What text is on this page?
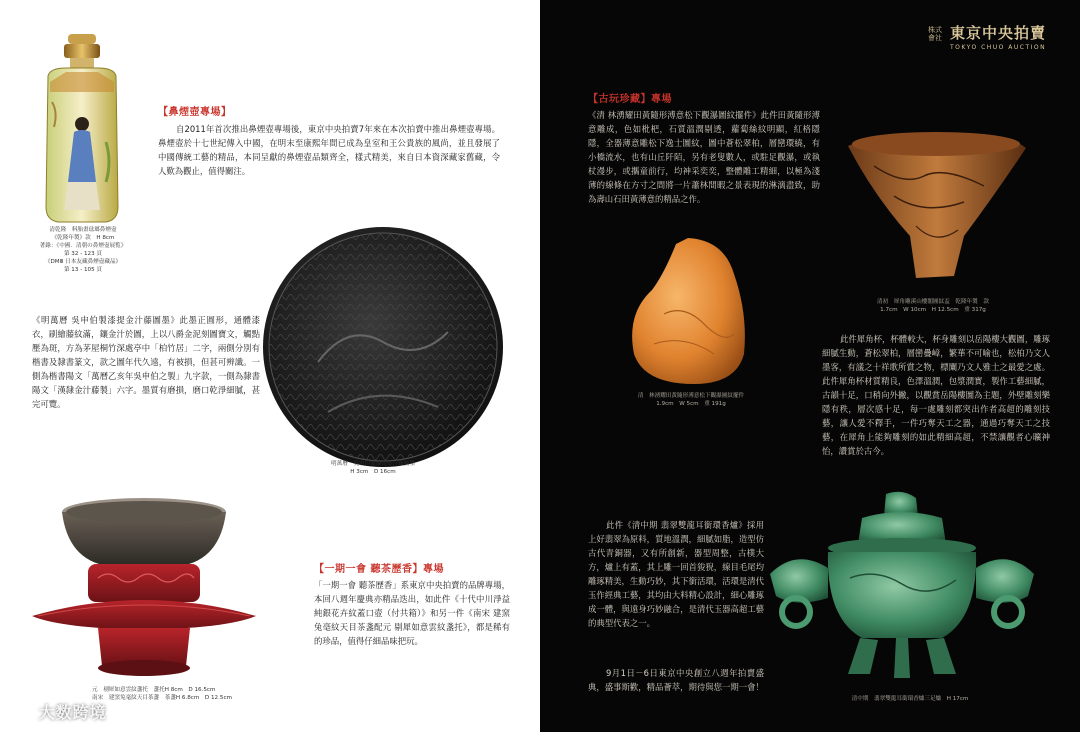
清乾隆　料胎畫琺瑯鼻煙壺
《乾隆年製》款　H 8cm
著錄：《中國．清朝の鼻煙壺展覧》
第 32 - 123 頁
《ⅮⅯⅢ 日本友藏鼻煙壺藏品》
第 13 - 105 頁
【鼻煙壺專場】
自2011年首次推出鼻煙壺專場後，東京中央拍賣7年來在本次拍賣中推出鼻煙壺專場。鼻煙壺於十七世紀傳入中國，在明末至康熙年間已成為皇室和王公貴族的風尚，並且發展了中國傳統工藝的精品，本同呈獻的鼻煙壺品類齊全，樣式精美，來自日本資深藏家舊藏，令人歎為觀止，值得關注。
明萬曆　吳申伯製漆提金汁藤圖墨
H 3cm　D 16cm
《明萬曆 吳申伯製漆提金汁藤圖墨》此墨正圓形，通體漆衣，刷繪藤紋滿，鑲金汁於圖，上以八爵金泥刻圖寶文，觸點壓為斑，方為茅屋桐竹深處亭中「柏竹居」二字，兩側分別有楷書及隸書篆文，款之圖年代久遠，有被損，但甚可辨識。一側為楷書陽文「萬曆乙亥年吳申伯之製」九字款，一側為隸書陽文「漢隸金汁藤製」六字。墨質有磨損，磨口乾淨細膩，甚完可覽。
元　剔犀如意雲紋盞托　盞托H 8cm　D 16.5cm
南宋　建窯兔毫紋天目茶盞　茶盞H 6.8cm　D 12.5cm
【一期一會 聽茶歷香】專場
「一期一會 聽茶歷香」系東京中央拍賣的品牌專場，本回八週年慶典亦精品迭出，如此件《十代中川淨益純銀花卉紋蓋口壺（付共箱）》和另一件《南宋 建窯兔毫紋天目茶盞配元 剔犀如意雲紋盞托》，都是稀有的珍品，值得仔細品味把玩。
株式
會社 東京中央拍賣
TOKYO CHUO AUCTION
【古玩珍藏】專場
《清 林湧耀田黃隨形溥意松下觀瀑圖紋擺件》此件田黃隨形溥意雕成，色如枇杷，石質溫潤剔透，蘿蔔絲紋明顯，紅格隱隱，全器薄意雕松下逸士圖紋，圖中蒼松翠柏，層巒環繞，有小橋流水，也有山丘阡陌，另有老叟數人，或駐足觀瀑，或執杖漫步，或攜童前行，均神采奕奕，整體雕工精細，以極為淺薄的線條在方寸之間將一片蕭林間暇之景表現的淋漓盡致，助為壽山石田黃薄意的精品之作。
清初　犀角雕溪山樓閣圖紋盃　乾隆年製　款
1.7cm　W 10cm　H 12.5cm　重 317g
清　林湧耀田黃隨形溥意松下觀瀑圖紋擺件
1.9cm　W 5cm　重 191g
此件犀角杯，杯體較大，杯身雕刻以岳陽樓大觀圖，雕琢細膩生動，蒼松翠柏，層巒疊嶂，繁華不可喻也，松柏乃文人墨客，有議之十祥歌所賞之物，標闡乃文人雅士之最愛之處。此件犀角杯材質精良，色澤溫潤，包漿潤實，製作工藝細膩，古韻十足，口稍向外撇，以觀賞岳陽樓圖為主題，外壁雕刻樂隱有秩，層次感十足，每一處雕刻都突出作者高超的雕刻技藝，讓人愛不釋手，一件巧奪天工之器，通過巧奪天工之技藝，在犀角上能夠雕刻的如此精細高超，不禁讓觀者心曠神怡，讚賞於古今。
此件《清中期 翡翠雙龍耳銜環香爐》採用上好翡翠為原料，質地溫潤，細膩如脂，造型仿古代青銅器，又有所創新，器型周整，古樸大方，爐上有蓋，其上雕一回首狻猊，線目毛尾均雕琢精美，生動巧妙，其下銜活環，活環是清代玉作經典工藝，其均由大料精心設計，細心雕琢成一體，與遠身巧妙融合，是清代玉器高超工藝的典型代表之一。
9月1日－6日東京中央創立八週年拍賣盛典，盛事斯歡，精品薈萃，期待與您一期一會！
清中期　翡翠雙龍耳銜環香爐三足爐　H 17cm
大数跨境
